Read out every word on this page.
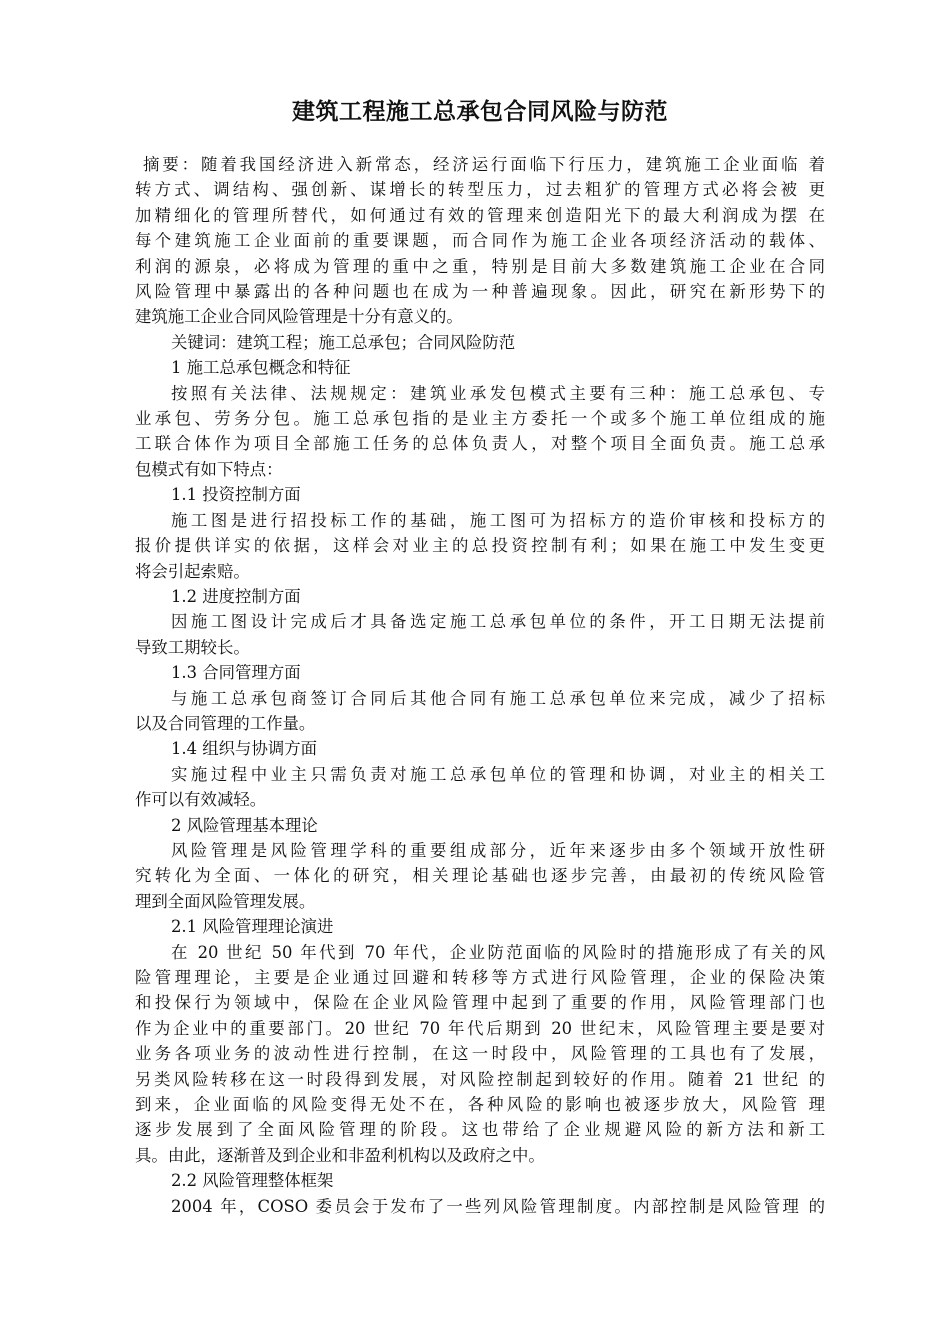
建筑工程施工总承包合同风险与防范
摘要：随着我国经济进入新常态，经济运行面临下行压力，建筑施工企业面临 着
转方式、调结构、强创新、谋增长的转型压力，过去粗犷的管理方式必将会被 更
加精细化的管理所替代，如何通过有效的管理来创造阳光下的最大利润成为摆 在
每个建筑施工企业面前的重要课题，而合同作为施工企业各项经济活动的载体、
利润的源泉，必将成为管理的重中之重，特别是目前大多数建筑施工企业在合同
风险管理中暴露出的各种问题也在成为一种普遍现象。因此，研究在新形势下的
建筑施工企业合同风险管理是十分有意义的。
关键词：建筑工程；施工总承包；合同风险防范
1 施工总承包概念和特征
按照有关法律、法规规定：建筑业承发包模式主要有三种：施工总承包、专
业承包、劳务分包。施工总承包指的是业主方委托一个或多个施工单位组成的施
工联合体作为项目全部施工任务的总体负责人，对整个项目全面负责。施工总承
包模式有如下特点：
1.1 投资控制方面
施工图是进行招投标工作的基础，施工图可为招标方的造价审核和投标方的
报价提供详实的依据，这样会对业主的总投资控制有利；如果在施工中发生变更
将会引起索赔。
1.2 进度控制方面
因施工图设计完成后才具备选定施工总承包单位的条件，开工日期无法提前
导致工期较长。
1.3 合同管理方面
与施工总承包商签订合同后其他合同有施工总承包单位来完成，减少了招标
以及合同管理的工作量。
1.4 组织与协调方面
实施过程中业主只需负责对施工总承包单位的管理和协调，对业主的相关工
作可以有效减轻。
2 风险管理基本理论
风险管理是风险管理学科的重要组成部分，近年来逐步由多个领域开放性研
究转化为全面、一体化的研究，相关理论基础也逐步完善，由最初的传统风险管
理到全面风险管理发展。
2.1 风险管理理论演进
在 20 世纪 50 年代到 70 年代，企业防范面临的风险时的措施形成了有关的风
险管理理论，主要是企业通过回避和转移等方式进行风险管理，企业的保险决策
和投保行为领域中，保险在企业风险管理中起到了重要的作用，风险管理部门也
作为企业中的重要部门。20 世纪 70 年代后期到 20 世纪末，风险管理主要是要对
业务各项业务的波动性进行控制，在这一时段中，风险管理的工具也有了发展，
另类风险转移在这一时段得到发展，对风险控制起到较好的作用。随着 21 世纪 的
到来，企业面临的风险变得无处不在，各种风险的影响也被逐步放大，风险管 理
逐步发展到了全面风险管理的阶段。这也带给了企业规避风险的新方法和新工
具。由此，逐渐普及到企业和非盈利机构以及政府之中。
2.2 风险管理整体框架
2004 年，COSO 委员会于发布了一些列风险管理制度。内部控制是风险管理 的
